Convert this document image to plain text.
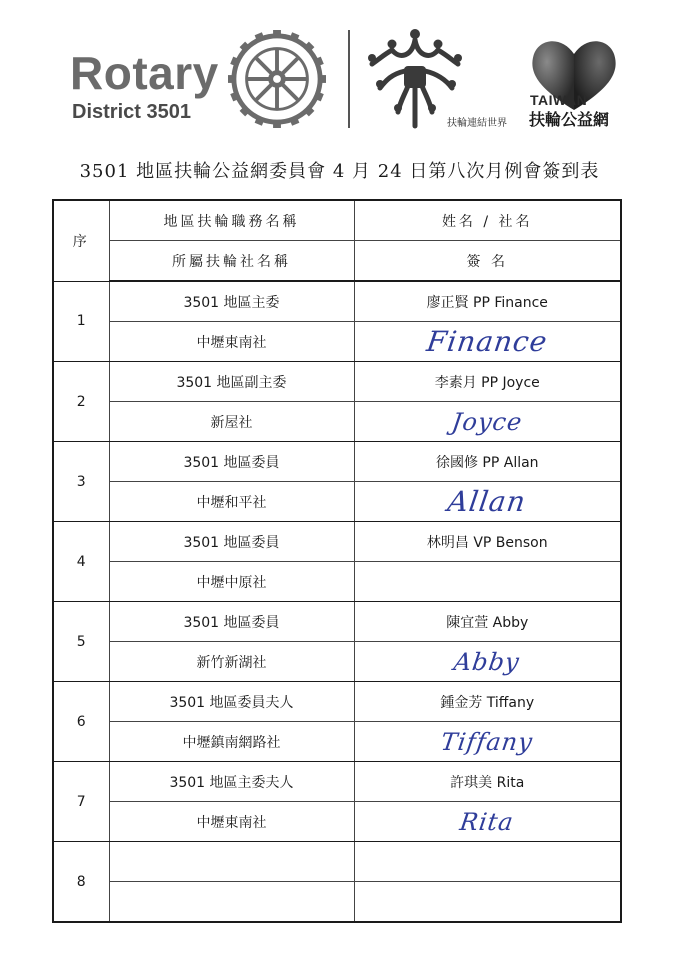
Rotary
District 3501
扶輪連結世界
TAIWAN
扶輪公益網
3501 地區扶輪公益網委員會 4 月 24 日第八次月例會簽到表
序	地區扶輪職務名稱	姓名 / 社名
	所屬扶輪社名稱	簽 名
1	3501 地區主委	廖正賢 PP Finance
	中壢東南社	Finance
2	3501 地區副主委	李素月 PP Joyce
	新屋社	Joyce
3	3501 地區委員	徐國修 PP Allan
	中壢和平社	Allan
4	3501 地區委員	林明昌 VP Benson
	中壢中原社	
5	3501 地區委員	陳宜萱 Abby
	新竹新湖社	Abby
6	3501 地區委員夫人	鍾金芳 Tiffany
	中壢鎮南網路社	Tiffany
7	3501 地區主委夫人	許琪美 Rita
	中壢東南社	Rita
8		
